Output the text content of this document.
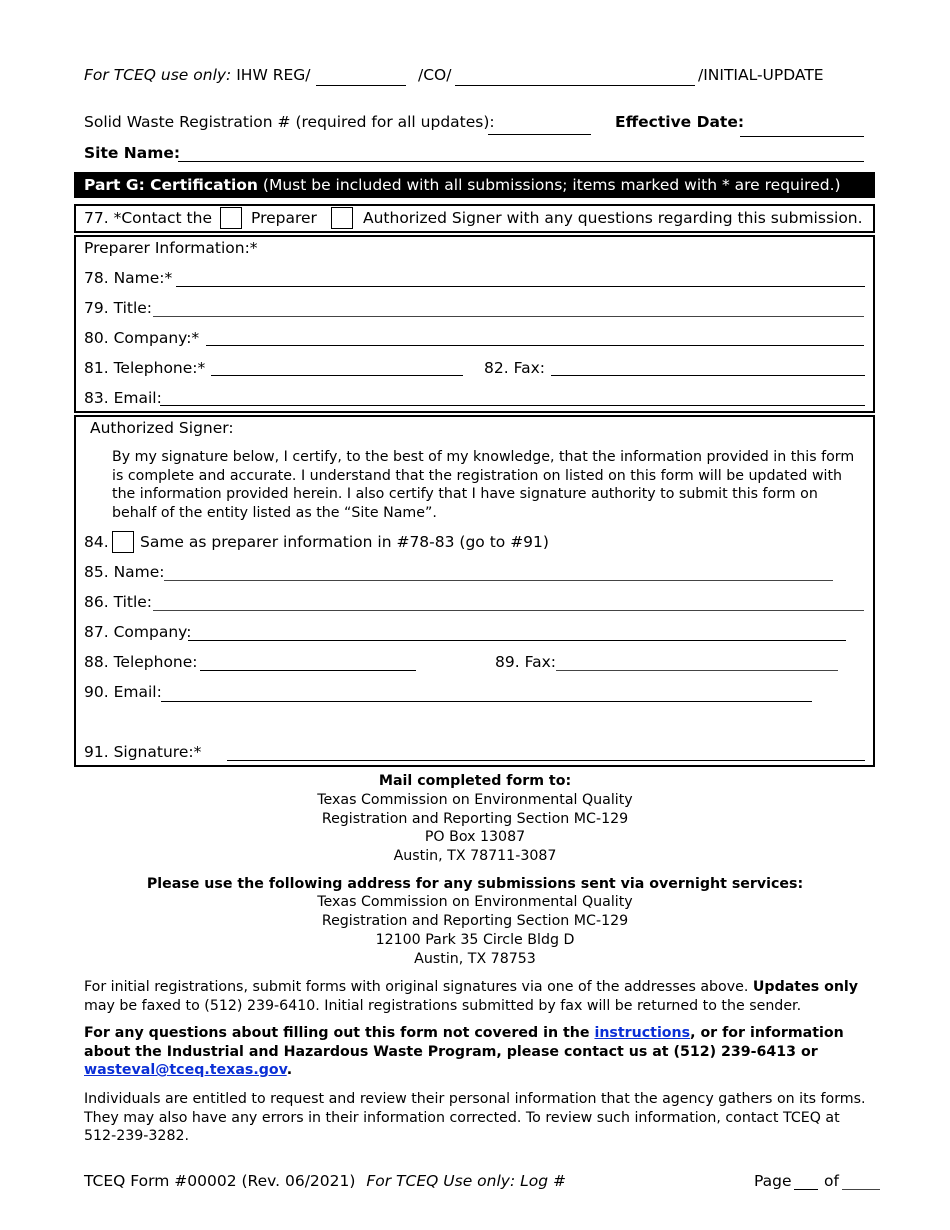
For TCEQ use only: IHW REG/	/CO/	/INITIAL-UPDATE
Solid Waste Registration # (required for all updates):	Effective Date:
Site Name:
Part G: Certification (Must be included with all submissions; items marked with * are required.)
77. *Contact the	Preparer	Authorized Signer with any questions regarding this submission.
Preparer Information:*
78. Name:*
79. Title:
80. Company:*
81. Telephone:*	82. Fax:
83. Email:
Authorized Signer:
By my signature below, I certify, to the best of my knowledge, that the information provided in this form is complete and accurate. I understand that the registration on listed on this form will be updated with the information provided herein. I also certify that I have signature authority to submit this form on behalf of the entity listed as the “Site Name”.
84. Same as preparer information in #78-83 (go to #91)
85. Name:
86. Title:
87. Company:
88. Telephone:	89. Fax:
90. Email:
91. Signature:*
Mail completed form to:
Texas Commission on Environmental Quality
Registration and Reporting Section MC-129
PO Box 13087
Austin, TX 78711-3087
Please use the following address for any submissions sent via overnight services:
Texas Commission on Environmental Quality
Registration and Reporting Section MC-129
12100 Park 35 Circle Bldg D
Austin, TX 78753
For initial registrations, submit forms with original signatures via one of the addresses above. Updates only may be faxed to (512) 239-6410. Initial registrations submitted by fax will be returned to the sender.
For any questions about filling out this form not covered in the instructions, or for information about the Industrial and Hazardous Waste Program, please contact us at (512) 239-6413 or wasteval@tceq.texas.gov.
Individuals are entitled to request and review their personal information that the agency gathers on its forms. They may also have any errors in their information corrected. To review such information, contact TCEQ at 512-239-3282.
TCEQ Form #00002 (Rev. 06/2021) For TCEQ Use only: Log #	Page of
